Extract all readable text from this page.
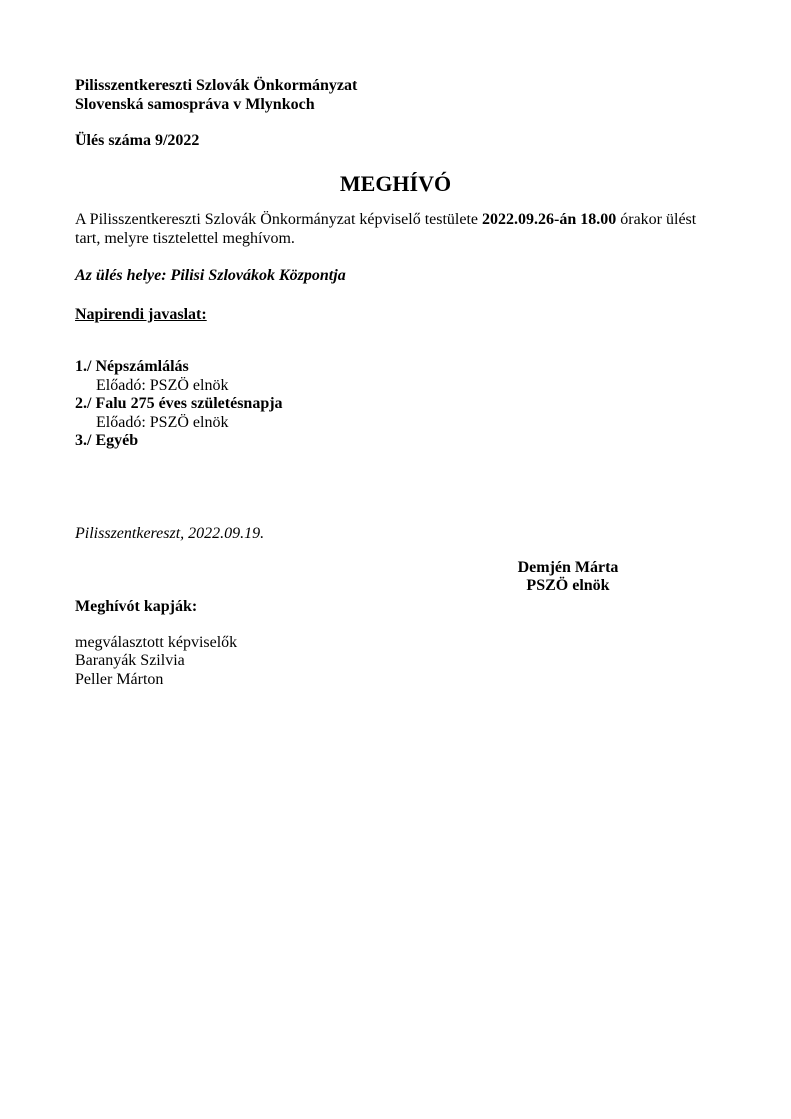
Pilisszentkereszti Szlovák Önkormányzat
Slovenská samospráva v Mlynkoch
Ülés száma 9/2022
MEGHÍVÓ

A Pilisszentkereszti Szlovák Önkormányzat képviselő testülete 2022.09.26-án 18.00 órakor ülést tart, melyre tisztelettel meghívom.

Az ülés helye: Pilisi Szlovákok Központja
Napirendi javaslat:
1./ Népszámlálás
Előadó: PSZÖ elnök
2./ Falu 275 éves születésnapja
Előadó: PSZÖ elnök
3./ Egyéb
Pilisszentkereszt, 2022.09.19.
Demjén Márta
PSZÖ elnök
Meghívót kapják:
megválasztott képviselők
Baranyák Szilvia
Peller Márton
